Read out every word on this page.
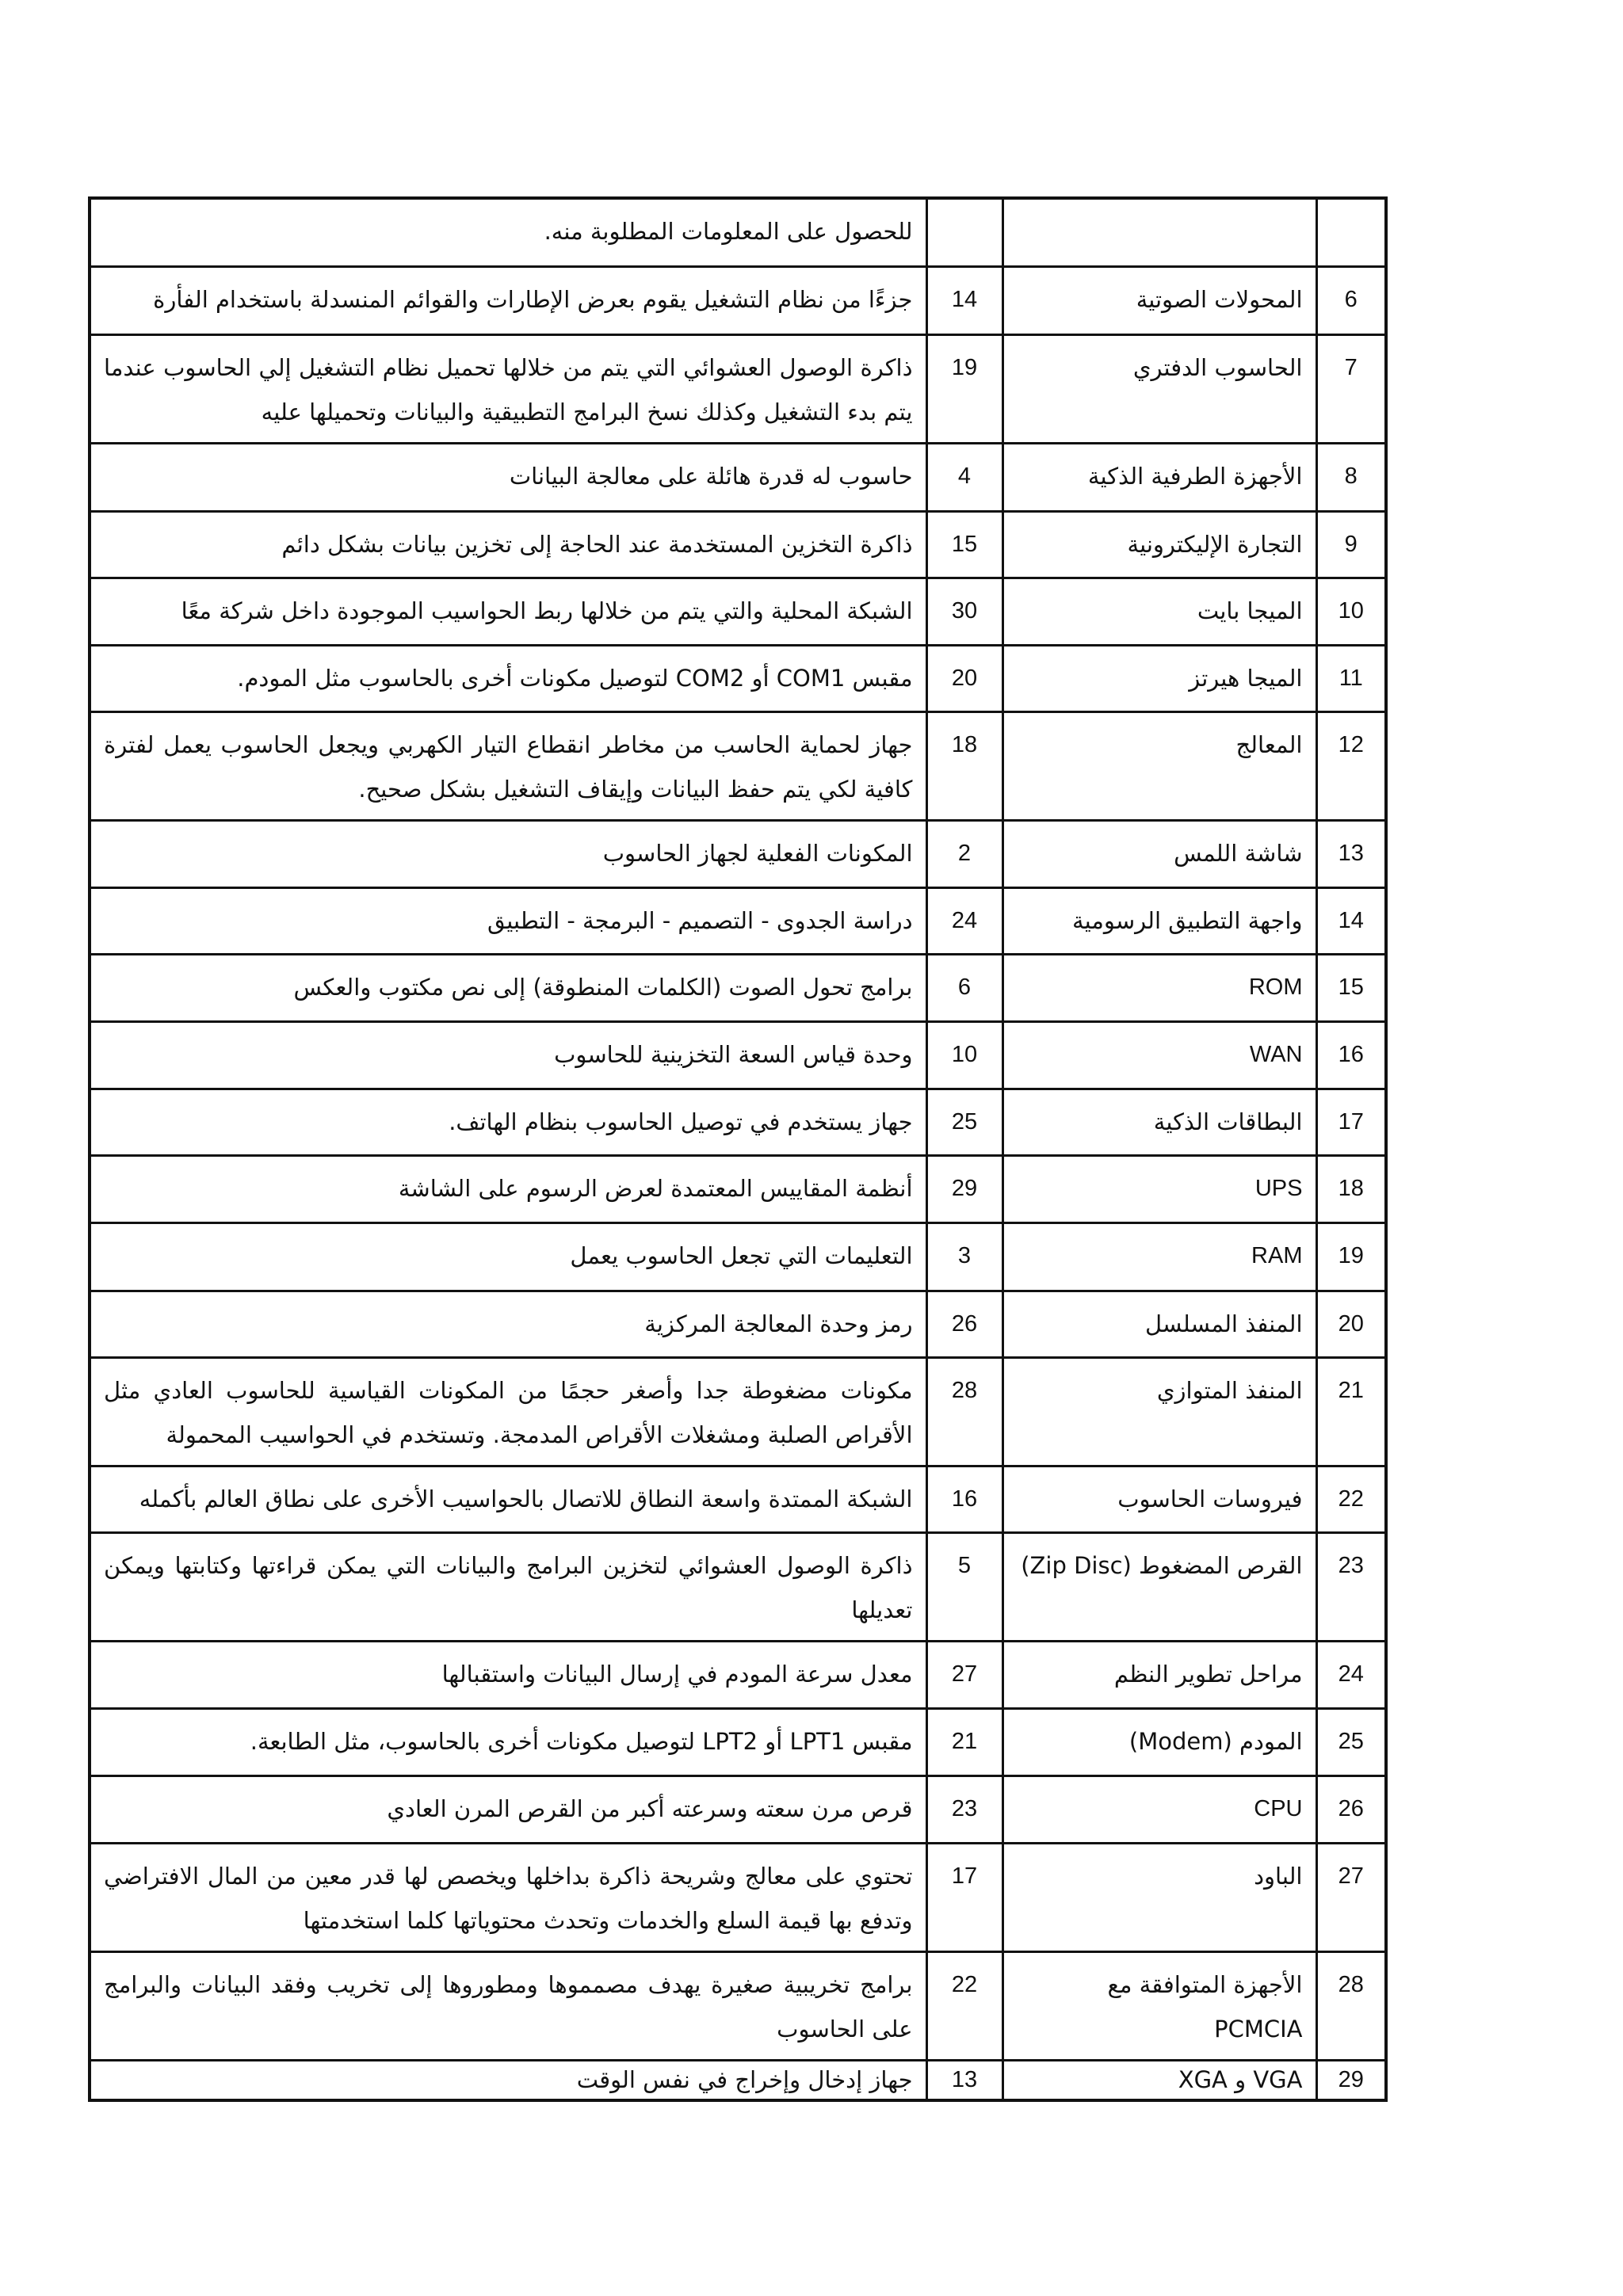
			للحصول على المعلومات المطلوبة منه.
6	المحولات الصوتية	14	جزءًا من نظام التشغيل يقوم بعرض الإطارات والقوائم المنسدلة باستخدام الفأرة
7	الحاسوب الدفتري	19	ذاكرة الوصول العشوائي التي يتم من خلالها تحميل نظام التشغيل إلي الحاسوب عندما يتم بدء التشغيل وكذلك نسخ البرامج التطبيقية والبيانات وتحميلها عليه
8	الأجهزة الطرفية الذكية	4	حاسوب له قدرة هائلة على معالجة البيانات
9	التجارة الإليكترونية	15	ذاكرة التخزين المستخدمة عند الحاجة إلى تخزين بيانات بشكل دائم
10	الميجا بايت	30	الشبكة المحلية والتي يتم من خلالها ربط الحواسيب الموجودة داخل شركة معًا
11	الميجا هيرتز	20	مقبس COM1 أو COM2 لتوصيل مكونات أخرى بالحاسوب مثل المودم.
12	المعالج	18	جهاز لحماية الحاسب من مخاطر انقطاع التيار الكهربي ويجعل الحاسوب يعمل لفترة كافية لكي يتم حفظ البيانات وإيقاف التشغيل بشكل صحيح.
13	شاشة اللمس	2	المكونات الفعلية لجهاز الحاسوب
14	واجهة التطبيق الرسومية	24	دراسة الجدوى - التصميم - البرمجة - التطبيق
15	ROM	6	برامج تحول الصوت (الكلمات المنطوقة) إلى نص مكتوب والعكس
16	WAN	10	وحدة قياس السعة التخزينية للحاسوب
17	البطاقات الذكية	25	جهاز يستخدم في توصيل الحاسوب بنظام الهاتف.
18	UPS	29	أنظمة المقاييس المعتمدة لعرض الرسوم على الشاشة
19	RAM	3	التعليمات التي تجعل الحاسوب يعمل
20	المنفذ المسلسل	26	رمز وحدة المعالجة المركزية
21	المنفذ المتوازي	28	مكونات مضغوطة جدا وأصغر حجمًا من المكونات القياسية للحاسوب العادي مثل الأقراص الصلبة ومشغلات الأقراص المدمجة. وتستخدم في الحواسيب المحمولة
22	فيروسات الحاسوب	16	الشبكة الممتدة واسعة النطاق للاتصال بالحواسيب الأخرى على نطاق العالم بأكمله
23	القرص المضغوط (Zip Disc)	5	ذاكرة الوصول العشوائي لتخزين البرامج والبيانات التي يمكن قراءتها وكتابتها ويمكن تعديلها
24	مراحل تطوير النظم	27	معدل سرعة المودم في إرسال البيانات واستقبالها
25	المودم (Modem)	21	مقبس LPT1 أو LPT2 لتوصيل مكونات أخرى بالحاسوب، مثل الطابعة.
26	CPU	23	قرص مرن سعته وسرعته أكبر من القرص المرن العادي
27	الباود	17	تحتوي على معالج وشريحة ذاكرة بداخلها ويخصص لها قدر معين من المال الافتراضي وتدفع بها قيمة السلع والخدمات وتحدث محتوياتها كلما استخدمتها
28	الأجهزة المتوافقة مع PCMCIA	22	برامج تخريبية صغيرة يهدف مصمموها ومطوروها إلى تخريب وفقد البيانات والبرامج على الحاسوب
29	VGA و XGA	13	جهاز إدخال وإخراج في نفس الوقت
